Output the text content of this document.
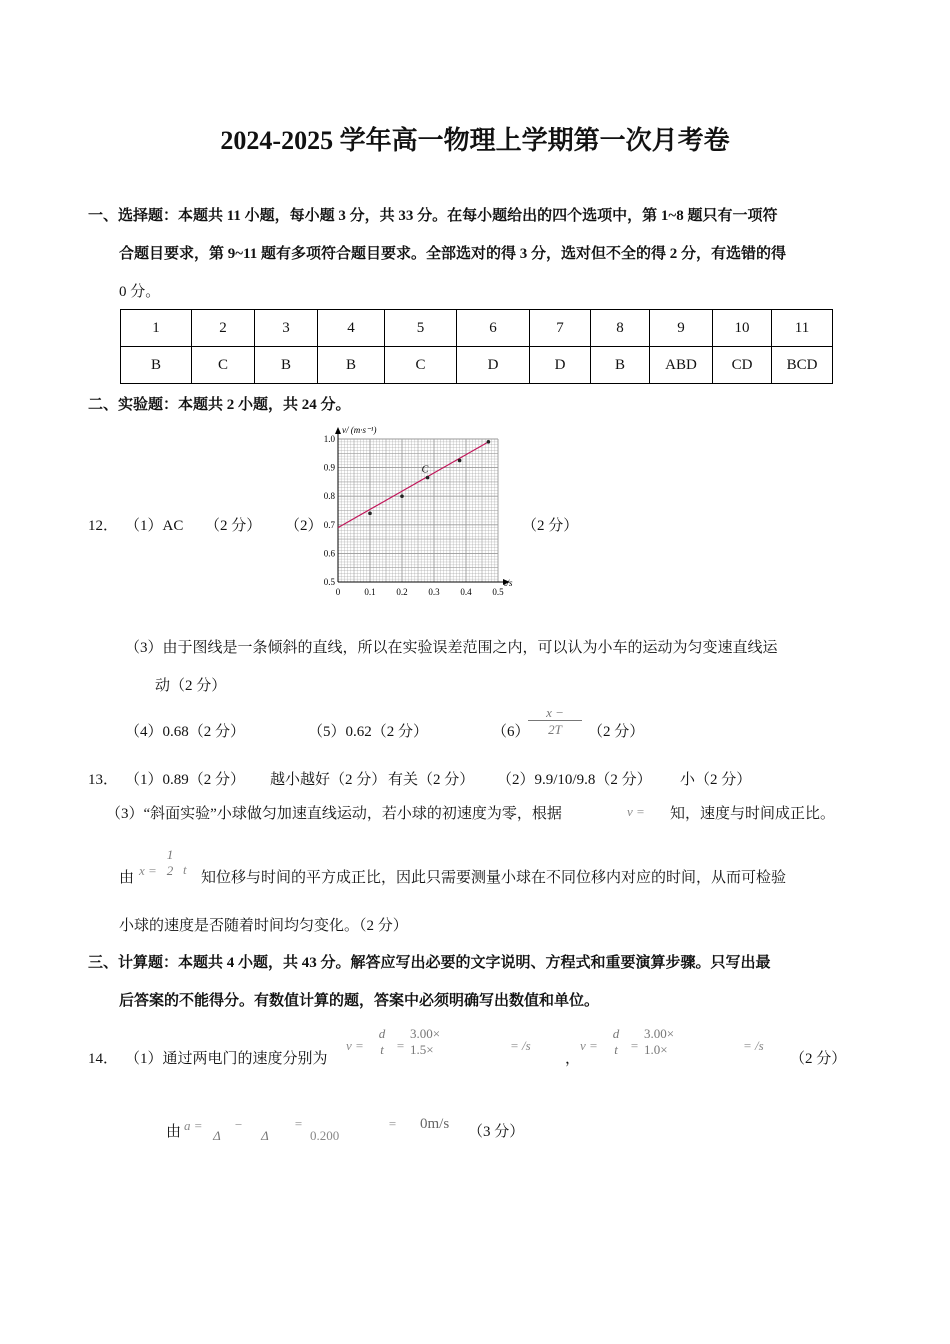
2024-2025 学年高一物理上学期第一次月考卷
一、选择题：本题共 11 小题，每小题 3 分，共 33 分。在每小题给出的四个选项中，第 1~8 题只有一项符
合题目要求，第 9~11 题有多项符合题目要求。全部选对的得 3 分，选对但不全的得 2 分，有选错的得
0 分。
1	2	3	4	5	6	7	8	9	10	11
B	C	B	B	C	D	D	B	ABD	CD	BCD
二、实验题：本题共 2 小题，共 24 分。
12． （1）AC （2 分） （2）	（2 分）
0	0.1 0.2 0.3 0.4 0.5
0.5
0.6
0.7
0.8
0.9
1.0
v/ (m·s⁻¹)
t/s
C
（3）由于图线是一条倾斜的直线，所以在实验误差范围之内，可以认为小车的运动为匀变速直线运
动（2 分）
（4）0.68（2 分）	（5）0.62（2 分）	（6）
$\frac{x -}{2T} (2$ 分）
13． （1）0.89（2 分） 越小越好（2 分） 有关（2 分） （2）9.9/10/9.8（2 分） 小（2 分）
（3）“斜面实验”小球做匀加速直线运动，若小球的初速度为零，根据	v = 知，速度与时间成正比。
由 x =
1
2 t
知位移与时间的平方成正比，因此只需要测量小球在不同位移内对应的时间，从而可检验
小球的速度是否随着时间均匀变化。（2 分）
三、计算题：本题共 4 小题，共 43 分。解答应写出必要的文字说明、方程式和重要演算步骤。只写出最
后答案的不能得分。有数值计算的题，答案中必须明确写出数值和单位。
14． （1）通过两电门的速度分别为
v =
d
t =
3.00×
1.5×	= /s
，
v =
d
t =
3.00×
1.0×	= /s
（2 分）
由 a =
Δ
−
Δ
=
0.200
= 0m/s （3 分）
